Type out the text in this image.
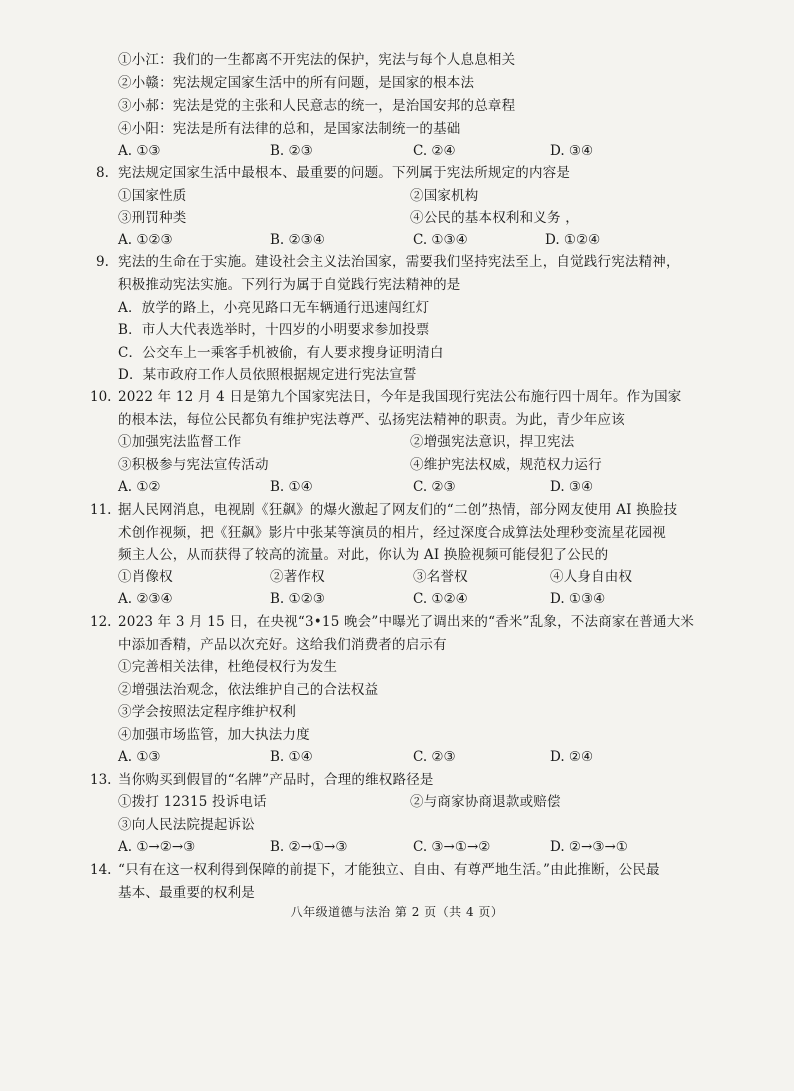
①小江：我们的一生都离不开宪法的保护，宪法与每个人息息相关
②小赣：宪法规定国家生活中的所有问题，是国家的根本法
③小郝：宪法是党的主张和人民意志的统一，是治国安邦的总章程
④小阳：宪法是所有法律的总和，是国家法制统一的基础
A. ①③	B. ②③	C. ②④	D. ③④
8. 宪法规定国家生活中最根本、最重要的问题。下列属于宪法所规定的内容是
①国家性质	②国家机构
③刑罚种类	④公民的基本权利和义务 ，
A. ①②③	B. ②③④	C. ①③④	D. ①②④
9. 宪法的生命在于实施。建设社会主义法治国家，需要我们坚持宪法至上，自觉践行宪法精神，
积极推动宪法实施。下列行为属于自觉践行宪法精神的是
A．放学的路上，小亮见路口无车辆通行迅速闯红灯
B．市人大代表选举时，十四岁的小明要求参加投票
C．公交车上一乘客手机被偷，有人要求搜身证明清白
D．某市政府工作人员依照根据规定进行宪法宣誓
10. 2022 年 12 月 4 日是第九个国家宪法日，今年是我国现行宪法公布施行四十周年。作为国家
的根本法，每位公民都负有维护宪法尊严、弘扬宪法精神的职责。为此，青少年应该
①加强宪法监督工作	②增强宪法意识，捍卫宪法
③积极参与宪法宣传活动	④维护宪法权威，规范权力运行
A. ①②	B. ①④	C. ②③	D. ③④
11. 据人民网消息，电视剧《狂飙》的爆火激起了网友们的“二创”热情，部分网友使用 AI 换脸技
术创作视频，把《狂飙》影片中张某等演员的相片，经过深度合成算法处理秒变流星花园视
频主人公，从而获得了较高的流量。对此，你认为 AI 换脸视频可能侵犯了公民的
①肖像权	②著作权	③名誉权	④人身自由权
A. ②③④	B. ①②③	C. ①②④	D. ①③④
12. 2023 年 3 月 15 日，在央视“3•15 晚会”中曝光了调出来的“香米”乱象，不法商家在普通大米
中添加香精，产品以次充好。这给我们消费者的启示有
①完善相关法律，杜绝侵权行为发生
②增强法治观念，依法维护自己的合法权益
③学会按照法定程序维护权利
④加强市场监管，加大执法力度
A. ①③	B. ①④	C. ②③	D. ②④
13. 当你购买到假冒的“名牌”产品时，合理的维权路径是
①拨打 12315 投诉电话	②与商家协商退款或赔偿
③向人民法院提起诉讼
A. ①→②→③	B. ②→①→③	C. ③→①→②	D. ②→③→①
14. “只有在这一权利得到保障的前提下，才能独立、自由、有尊严地生活。”由此推断，公民最
基本、最重要的权利是
八年级道德与法治 第 2 页（共 4 页）
